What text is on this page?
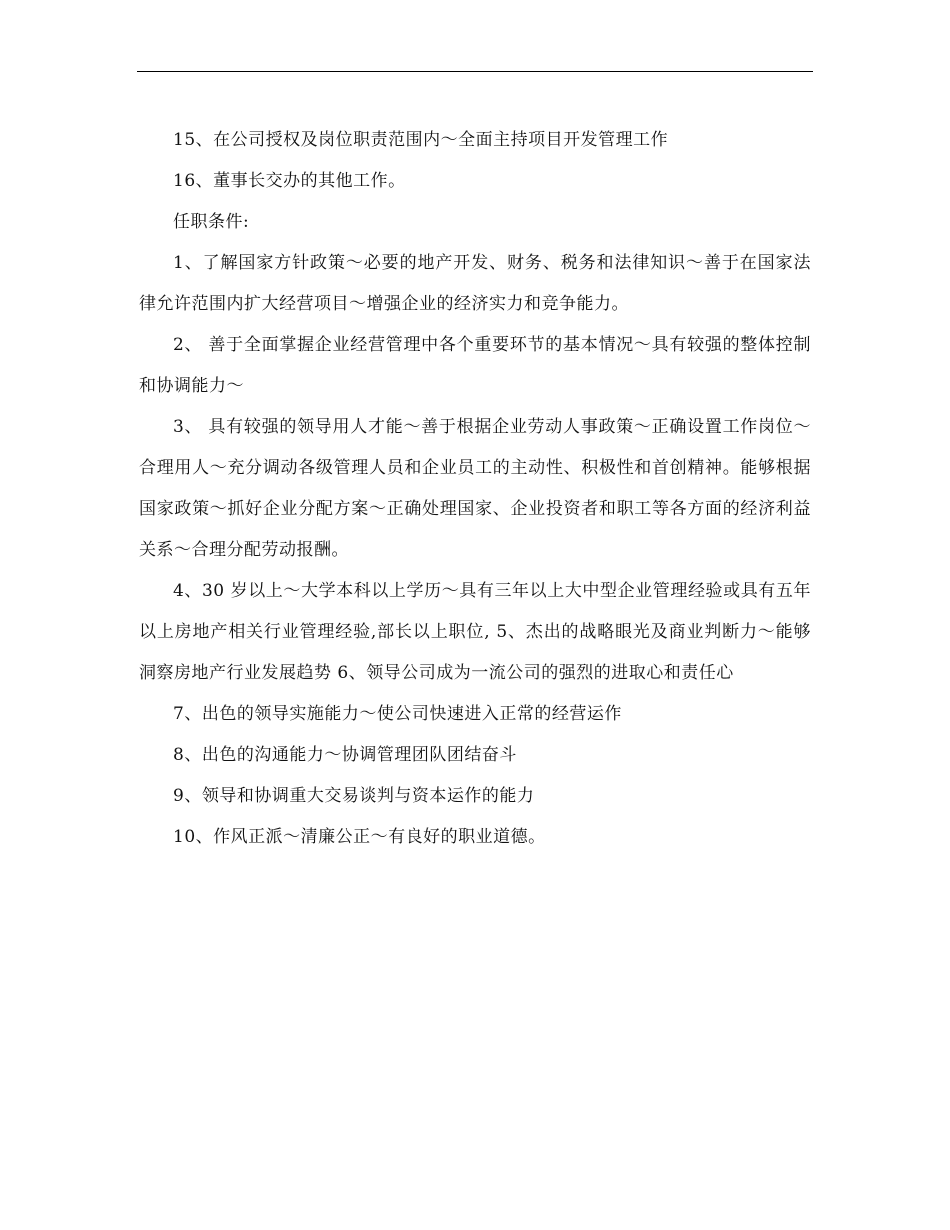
15、在公司授权及岗位职责范围内～全面主持项目开发管理工作

16、董事长交办的其他工作。

任职条件:

1、了解国家方针政策～必要的地产开发、财务、税务和法律知识～善于在国家法律允许范围内扩大经营项目～增强企业的经济实力和竞争能力。

2、 善于全面掌握企业经营管理中各个重要环节的基本情况～具有较强的整体控制和协调能力～

3、 具有较强的领导用人才能～善于根据企业劳动人事政策～正确设置工作岗位～合理用人～充分调动各级管理人员和企业员工的主动性、积极性和首创精神。能够根据国家政策～抓好企业分配方案～正确处理国家、企业投资者和职工等各方面的经济利益关系～合理分配劳动报酬。

4、30 岁以上～大学本科以上学历～具有三年以上大中型企业管理经验或具有五年以上房地产相关行业管理经验,部长以上职位, 5、杰出的战略眼光及商业判断力～能够洞察房地产行业发展趋势 6、领导公司成为一流公司的强烈的进取心和责任心

7、出色的领导实施能力～使公司快速进入正常的经营运作

8、出色的沟通能力～协调管理团队团结奋斗

9、领导和协调重大交易谈判与资本运作的能力

10、作风正派～清廉公正～有良好的职业道德。
